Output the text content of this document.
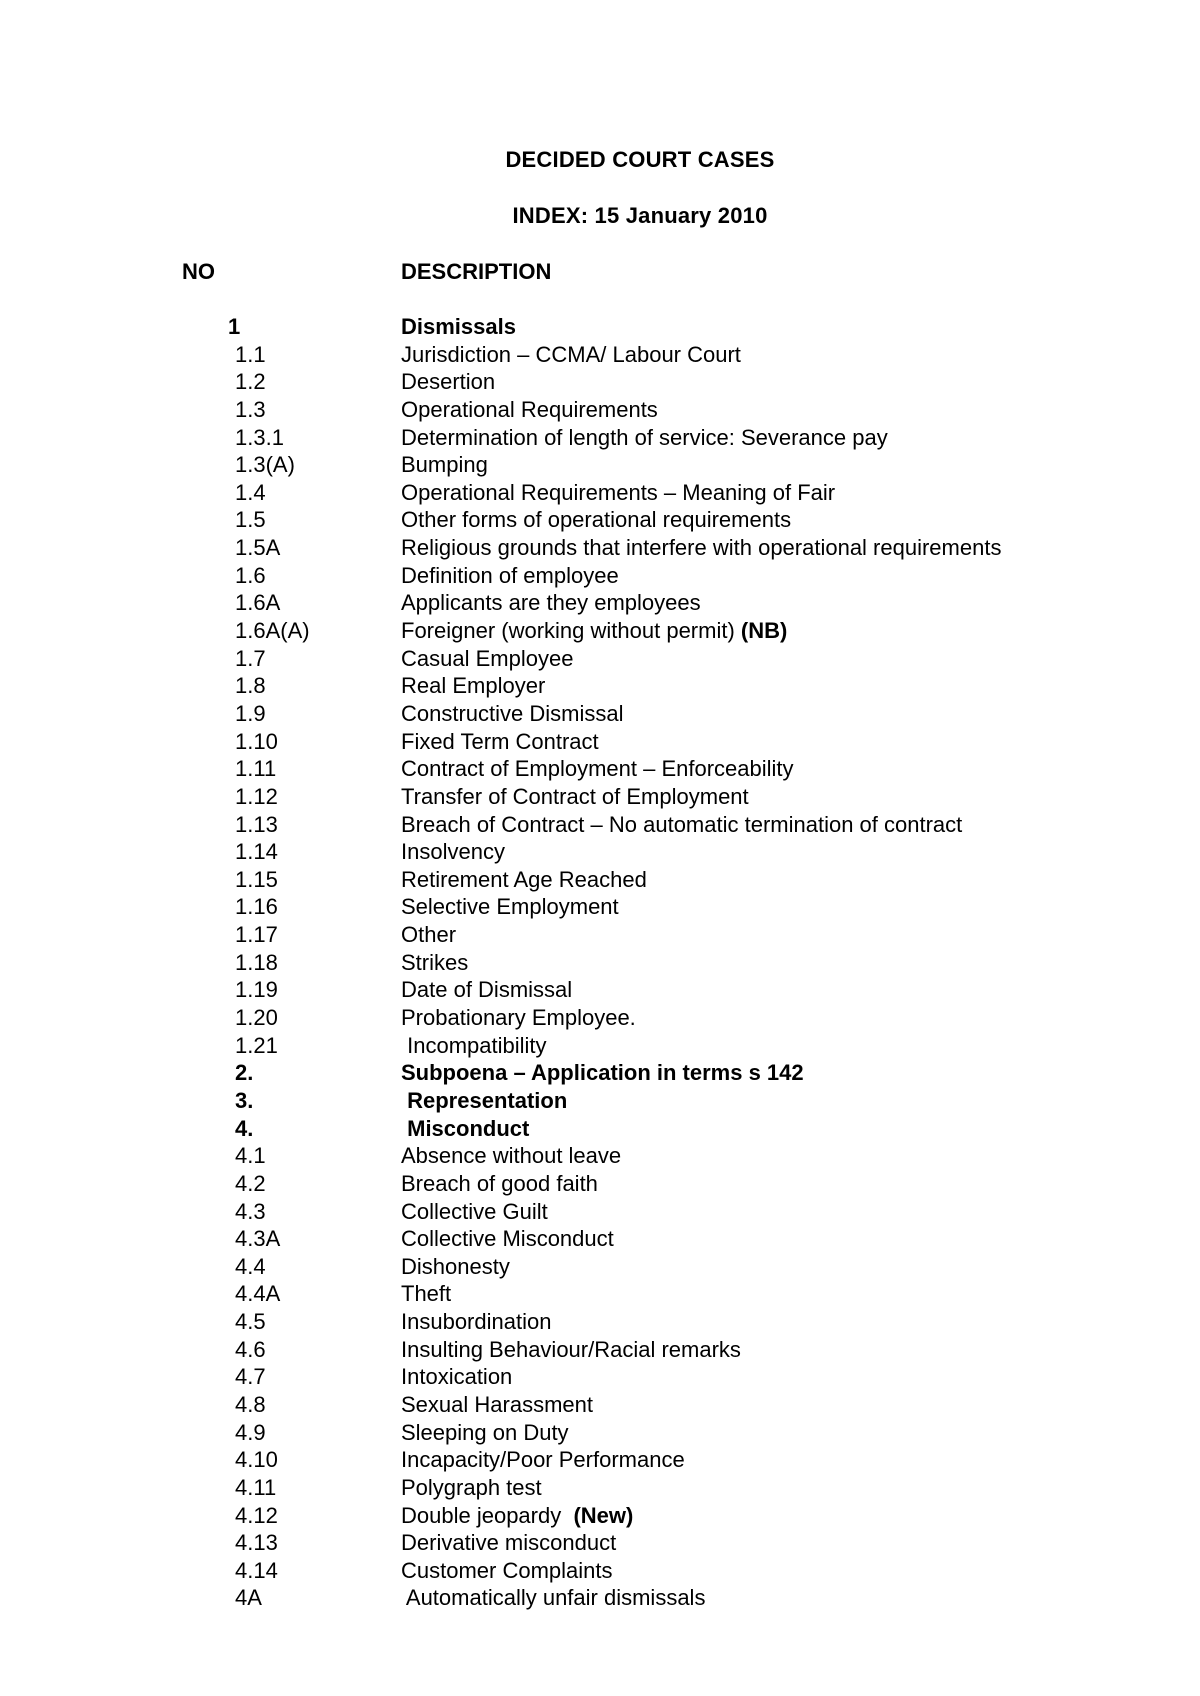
DECIDED COURT CASES
INDEX: 15 January 2010
NO	DESCRIPTION
1	Dismissals
1.1	Jurisdiction – CCMA/ Labour Court
1.2	Desertion
1.3	Operational Requirements
1.3.1	Determination of length of service: Severance pay
1.3(A)	Bumping
1.4	Operational Requirements – Meaning of Fair
1.5	Other forms of operational requirements
1.5A	Religious grounds that interfere with operational requirements
1.6	Definition of employee
1.6A	Applicants are they employees
1.6A(A)	Foreigner (working without permit) (NB)
1.7	Casual Employee
1.8	Real Employer
1.9	Constructive Dismissal
1.10	Fixed Term Contract
1.11	Contract of Employment – Enforceability
1.12	Transfer of Contract of Employment
1.13	Breach of Contract – No automatic termination of contract
1.14	Insolvency
1.15	Retirement Age Reached
1.16	Selective Employment
1.17	Other
1.18	Strikes
1.19	Date of Dismissal
1.20	Probationary Employee.
1.21	Incompatibility
2.	Subpoena – Application in terms s 142
3.	Representation
4.	Misconduct
4.1	Absence without leave
4.2	Breach of good faith
4.3	Collective Guilt
4.3A	Collective Misconduct
4.4	Dishonesty
4.4A	Theft
4.5	Insubordination
4.6	Insulting Behaviour/Racial remarks
4.7	Intoxication
4.8	Sexual Harassment
4.9	Sleeping on Duty
4.10	Incapacity/Poor Performance
4.11	Polygraph test
4.12	Double jeopardy  (New)
4.13	Derivative misconduct
4.14	Customer Complaints
4A	Automatically unfair dismissals
